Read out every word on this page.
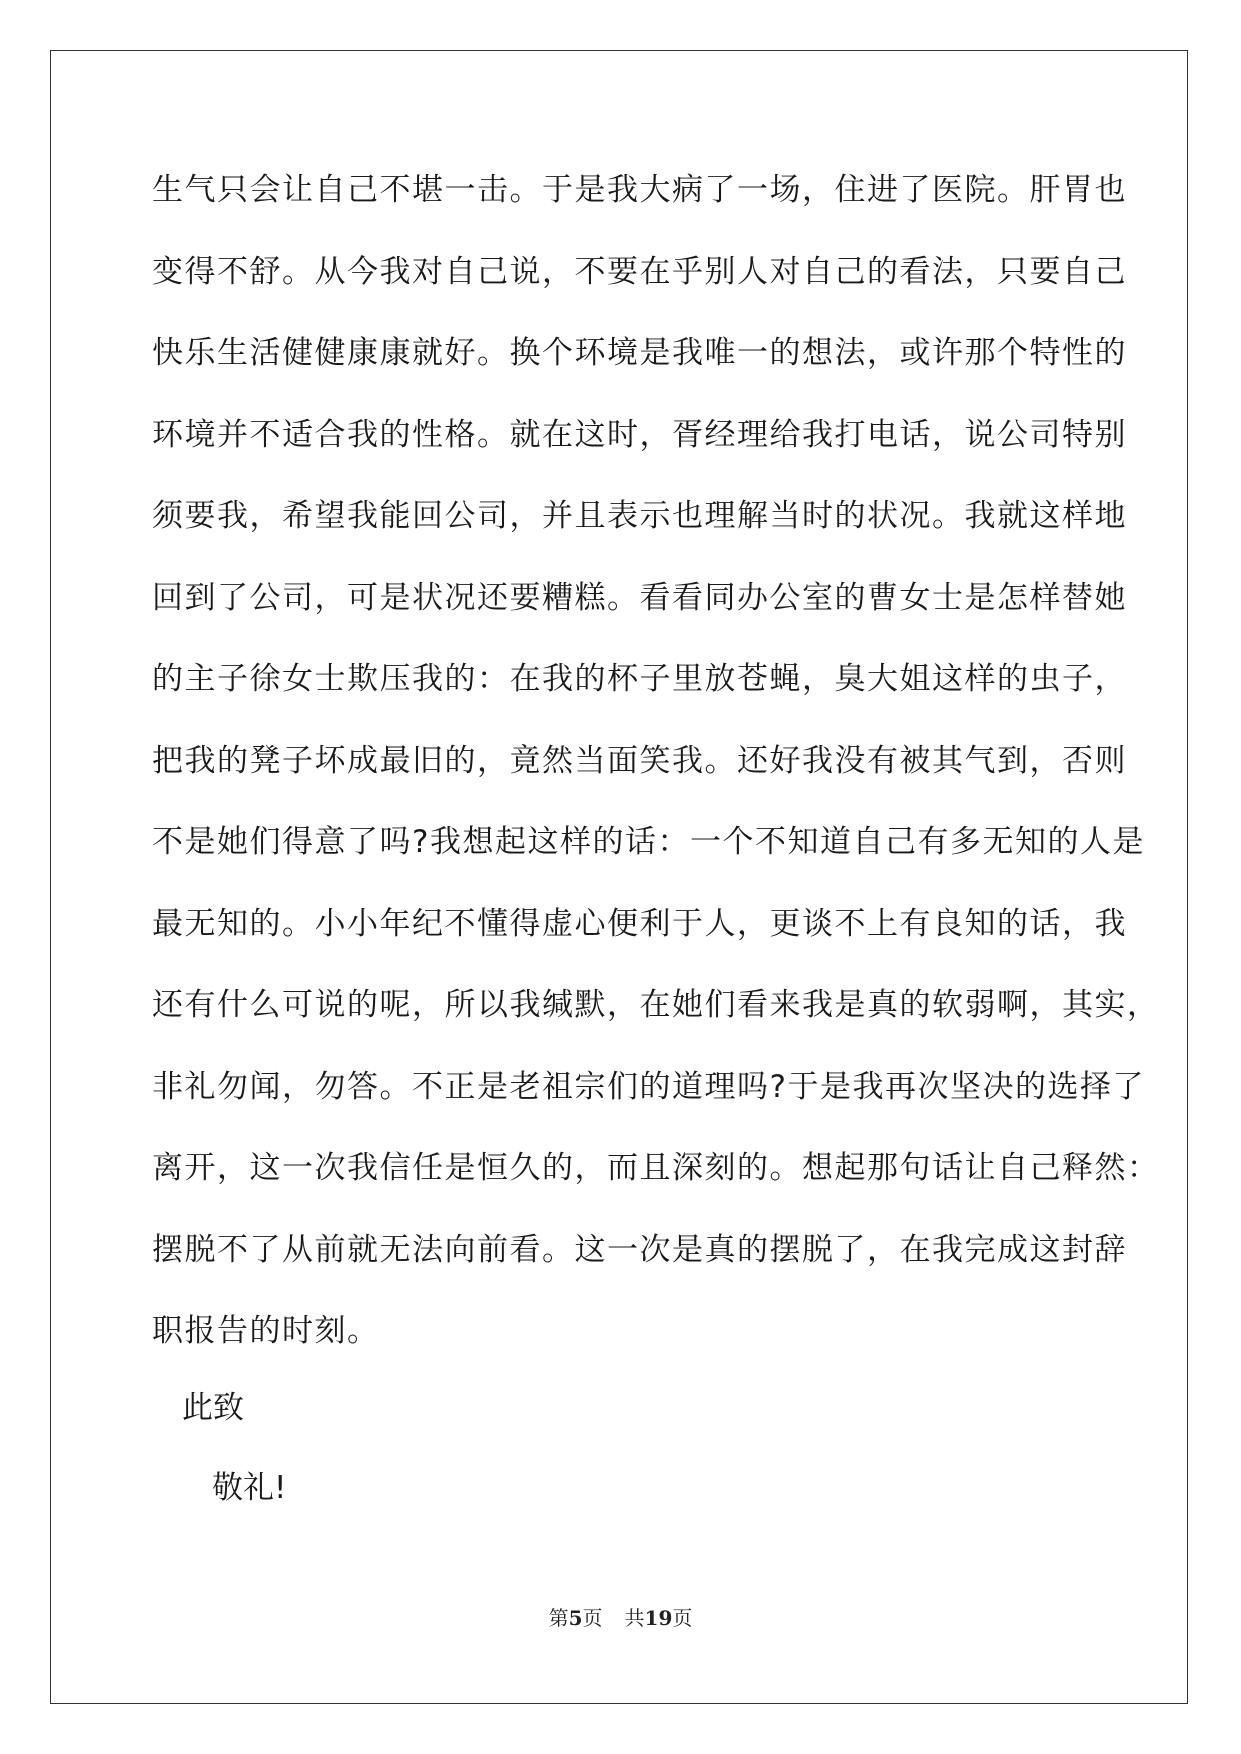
生气只会让自己不堪一击。于是我大病了一场，住进了医院。肝胃也
变得不舒。从今我对自己说，不要在乎别人对自己的看法，只要自己
快乐生活健健康康就好。换个环境是我唯一的想法，或许那个特性的
环境并不适合我的性格。就在这时，胥经理给我打电话，说公司特别
须要我，希望我能回公司，并且表示也理解当时的状况。我就这样地
回到了公司，可是状况还要糟糕。看看同办公室的曹女士是怎样替她
的主子徐女士欺压我的：在我的杯子里放苍蝇，臭大姐这样的虫子，
把我的凳子坏成最旧的，竟然当面笑我。还好我没有被其气到，否则
不是她们得意了吗?我想起这样的话：一个不知道自己有多无知的人是
最无知的。小小年纪不懂得虚心便利于人，更谈不上有良知的话，我
还有什么可说的呢，所以我缄默，在她们看来我是真的软弱啊，其实，
非礼勿闻，勿答。不正是老祖宗们的道理吗?于是我再次坚决的选择了
离开，这一次我信任是恒久的，而且深刻的。想起那句话让自己释然：
摆脱不了从前就无法向前看。这一次是真的摆脱了，在我完成这封辞
职报告的时刻。
此致
敬礼!
第5页 共19页
